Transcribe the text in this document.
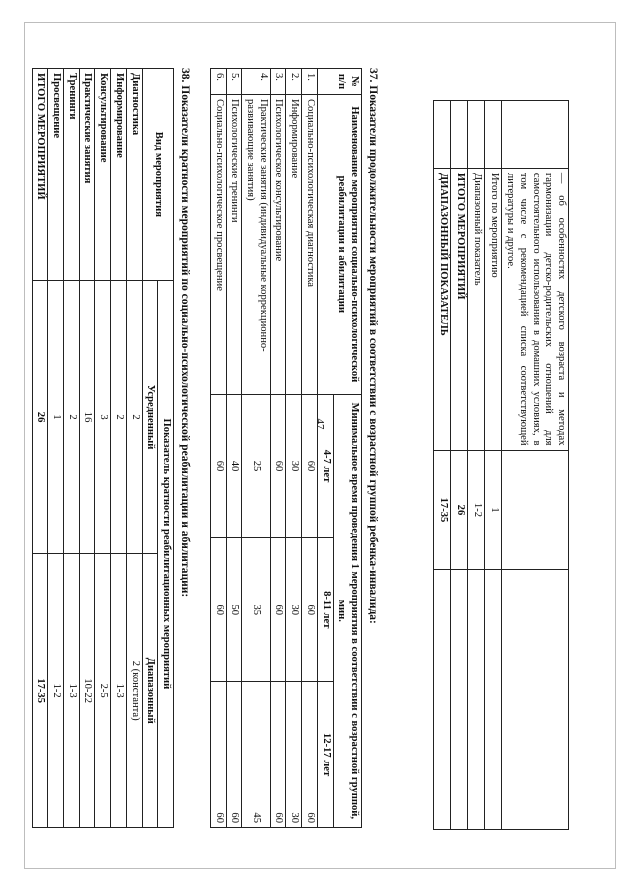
47
		— об особенностях детского возраста и методах гармонизации детско-родительских отношений для самостоятельного использования в домашних условиях, в том числе с рекомендацией списка соответствующей литературы и другое.		
	Итого по мероприятию	1	
	Диапазонный показатель	1-2	
	ИТОГО МЕРОПРИЯТИЙ	26	
	ДИАПАЗОННЫЙ ПОКАЗАТЕЛЬ	17-35	
37. Показатели продолжительности мероприятий в соответствии с возрастной группой ребенка-инвалида:
№ п/п	Наименование мероприятия социально-психологической реабилитации и абилитации	Минимальное время проведения 1 мероприятия в соответствии с возрастной группой, мин.		
		4-7 лет	8-11 лет	12-17 лет
1.	Социально-психологическая диагностика	60	60	60
2.	Информирование	30	30	30
3.	Психологическое консультирование	60	60	60
4.	Практические занятия (индивидуальные коррекционно-развивающие занятия)	25	35	45
5.	Психологические тренинги	40	50	60
6.	Социально-психологическое просвещение	60	60	60
38. Показатели кратности мероприятий по социально-психологической реабилитации и абилитации:
Вид мероприятия	Показатель кратности реабилитационных мероприятий	
	Усредненный	Диапазонный
Диагностика	2	2 (константа)
Информирование	2	1-3
Консультирование	3	2-5
Практические занятия	16	10-22
Тренинги	2	1-3
Просвещение	1	1-2
ИТОГО МЕРОПРИЯТИЙ	26	17-35
